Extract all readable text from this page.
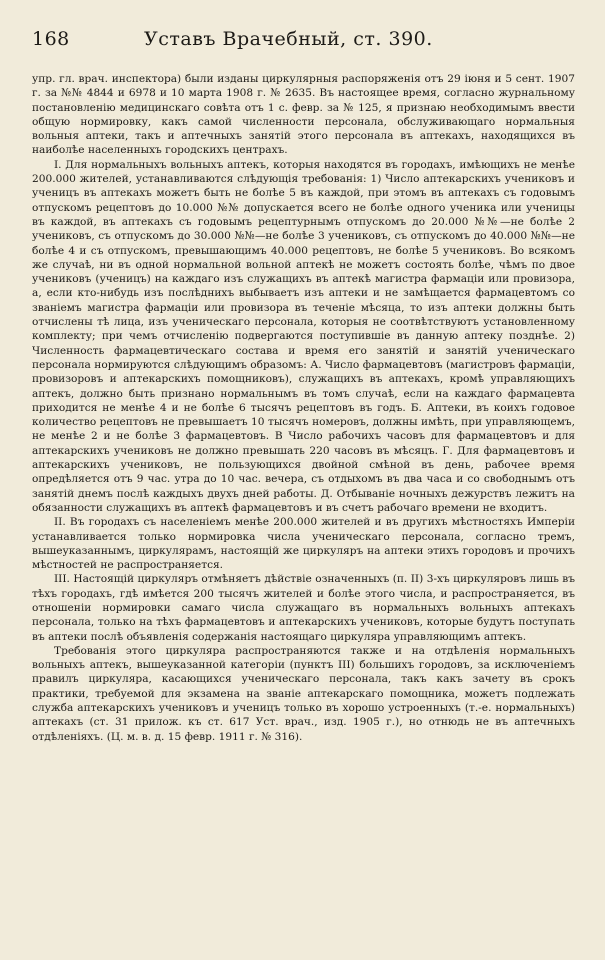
168	Уставъ Врачебный, ст. 390.

упр. гл. врач. инспектора) были изданы циркулярныя распоряженія отъ 29 іюня и 5 сент. 1907 г. за №№ 4844 и 6978 и 10 марта 1908 г. № 2635. Въ настоящее время, согласно журнальному постановленію медицинскаго совѣта отъ 1 с. февр. за № 125, я признаю необходимымъ ввести общую нормировку, какъ самой численности персонала, обслуживающаго нормальныя вольныя аптеки, такъ и аптечныхъ занятій этого персонала въ аптекахъ, находящихся въ наиболѣе населенныхъ городскихъ центрахъ.

I. Для нормальныхъ вольныхъ аптекъ, которыя находятся въ городахъ, имѣющихъ не менѣе 200.000 жителей, устанавливаются слѣдующія требованія: 1) Число аптекарскихъ учениковъ и ученицъ въ аптекахъ можетъ быть не болѣе 5 въ каждой, при этомъ въ аптекахъ съ годовымъ отпускомъ рецептовъ до 10.000 №№ допускается всего не болѣе одного ученика или ученицы въ каждой, въ аптекахъ съ годовымъ рецептурнымъ отпускомъ до 20.000 №№—не болѣе 2 учениковъ, съ отпускомъ до 30.000 №№—не болѣе 3 учениковъ, съ отпускомъ до 40.000 №№—не болѣе 4 и съ отпускомъ, превышающимъ 40.000 рецептовъ, не болѣе 5 учениковъ. Во всякомъ же случаѣ, ни въ одной нормальной вольной аптекѣ не можетъ состоять болѣе, чѣмъ по двое учениковъ (ученицъ) на каждаго изъ служащихъ въ аптекѣ магистра фармаціи или провизора, а, если кто-нибудь изъ послѣднихъ выбываетъ изъ аптеки и не замѣщается фармацевтомъ со званіемъ магистра фармаціи или провизора въ теченіе мѣсяца, то изъ аптеки должны быть отчислены тѣ лица, изъ ученическаго персонала, которыя не соотвѣтствуютъ установленному комплекту; при чемъ отчисленію подвергаются поступившіе въ данную аптеку позднѣе. 2) Численность фармацевтическаго состава и время его занятій и занятій ученическаго персонала нормируются слѣдующимъ образомъ: А. Число фармацевтовъ (магистровъ фармаціи, провизоровъ и аптекарскихъ помощниковъ), служащихъ въ аптекахъ, кромѣ управляющихъ аптекъ, должно быть признано нормальнымъ въ томъ случаѣ, если на каждаго фармацевта приходится не менѣе 4 и не болѣе 6 тысячъ рецептовъ въ годъ. Б. Аптеки, въ коихъ годовое количество рецептовъ не превышаетъ 10 тысячъ номеровъ, должны имѣть, при управляющемъ, не менѣе 2 и не болѣе 3 фармацевтовъ. В Число рабочихъ часовъ для фармацевтовъ и для аптекарскихъ учениковъ не должно превышать 220 часовъ въ мѣсяцъ. Г. Для фармацевтовъ и аптекарскихъ учениковъ, не пользующихся двойной смѣной въ день, рабочее время опредѣляется отъ 9 час. утра до 10 час. вечера, съ отдыхомъ въ два часа и со свободнымъ отъ занятій днемъ послѣ каждыхъ двухъ дней работы. Д. Отбываніе ночныхъ дежурствъ лежитъ на обязанности служащихъ въ аптекѣ фармацевтовъ и въ счетъ рабочаго времени не входитъ.

II. Въ городахъ съ населеніемъ менѣе 200.000 жителей и въ другихъ мѣстностяхъ Имперіи устанавливается только нормировка числа ученическаго персонала, согласно тремъ, вышеуказаннымъ, циркулярамъ, настоящій же циркуляръ на аптеки этихъ городовъ и прочихъ мѣстностей не распространяется.

III. Настоящій циркуляръ отмѣняетъ дѣйствіе означенныхъ (п. II) 3-хъ циркуляровъ лишь въ тѣхъ городахъ, гдѣ имѣется 200 тысячъ жителей и болѣе этого числа, и распространяется, въ отношеніи нормировки самаго числа служащаго въ нормальныхъ вольныхъ аптекахъ персонала, только на тѣхъ фармацевтовъ и аптекарскихъ учениковъ, которые будутъ поступать въ аптеки послѣ объявленія содержанія настоящаго циркуляра управляющимъ аптекъ.

Требованія этого циркуляра распространяются также и на отдѣленія нормальныхъ вольныхъ аптекъ, вышеуказанной категоріи (пунктъ III) большихъ городовъ, за исключеніемъ правилъ циркуляра, касающихся ученическаго персонала, такъ какъ зачету въ срокъ практики, требуемой для экзамена на званіе аптекарскаго помощника, можетъ подлежать служба аптекарскихъ учениковъ и ученицъ только въ хорошо устроенныхъ (т.-е. нормальныхъ) аптекахъ (ст. 31 прилож. къ ст. 617 Уст. врач., изд. 1905 г.), но отнюдь не въ аптечныхъ отдѣленіяхъ. (Ц. м. в. д. 15 февр. 1911 г. № 316).
